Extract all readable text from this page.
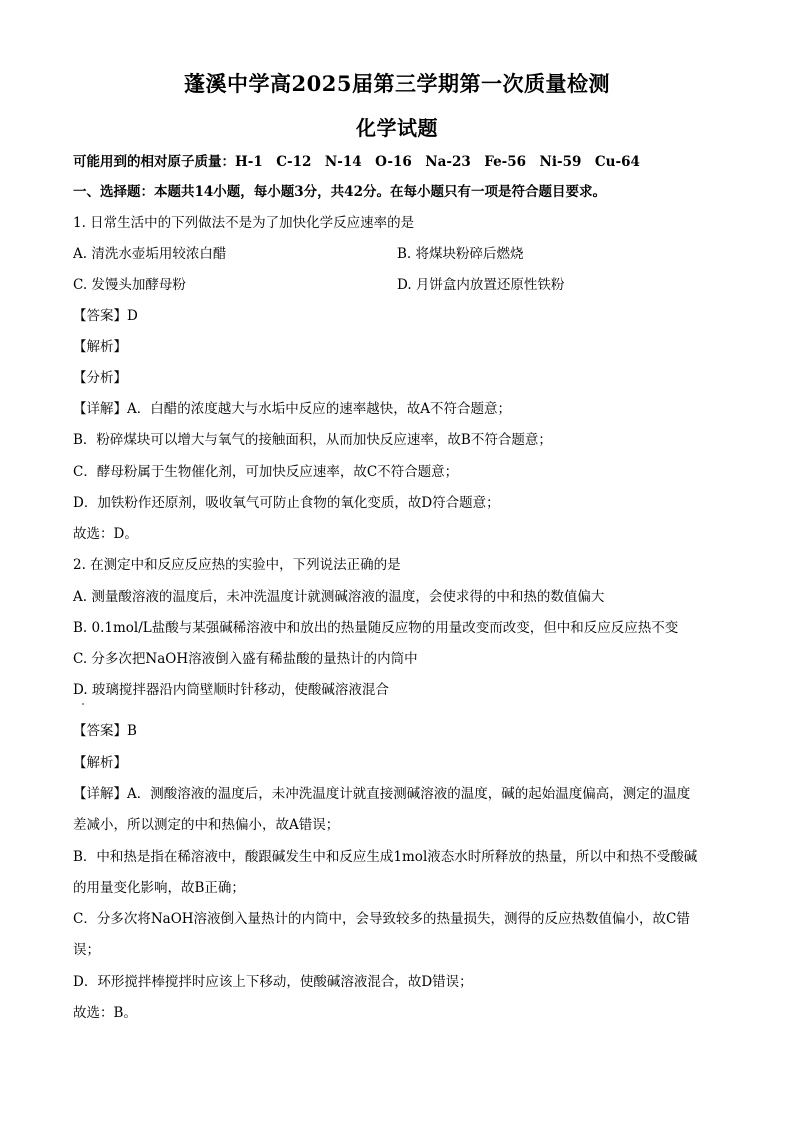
蓬溪中学高2025届第三学期第一次质量检测
化学试题
可能用到的相对原子质量：H-1　C-12　N-14　O-16　Na-23　Fe-56　Ni-59　Cu-64
一、选择题：本题共14小题，每小题3分，共42分。在每小题只有一项是符合题目要求。
1. 日常生活中的下列做法不是为了加快化学反应速率的是
A. 清洗水壶垢用较浓白醋	B. 将煤块粉碎后燃烧
C. 发馒头加酵母粉	D. 月饼盒内放置还原性铁粉
【答案】D
【解析】
【分析】
【详解】A．白醋的浓度越大与水垢中反应的速率越快，故A不符合题意；
B．粉碎煤块可以增大与氧气的接触面积，从而加快反应速率，故B不符合题意；
C．酵母粉属于生物催化剂，可加快反应速率，故C不符合题意；
D．加铁粉作还原剂，吸收氧气可防止食物的氧化变质，故D符合题意；
故选：D。
2. 在测定中和反应反应热的实验中，下列说法正确的是
A. 测量酸溶液的温度后，未冲洗温度计就测碱溶液的温度，会使求得的中和热的数值偏大
B. 0.1mol/L盐酸与某强碱稀溶液中和放出的热量随反应物的用量改变而改变，但中和反应反应热不变
C. 分多次把NaOH溶液倒入盛有稀盐酸的量热计的内筒中
D. 玻璃搅拌器沿内筒壁顺时针移动，使酸碱溶液混合
【答案】B
【解析】
【详解】A．测酸溶液的温度后，未冲洗温度计就直接测碱溶液的温度，碱的起始温度偏高，测定的温度
差减小，所以测定的中和热偏小，故A错误；
B．中和热是指在稀溶液中，酸跟碱发生中和反应生成1mol液态水时所释放的热量，所以中和热不受酸碱
的用量变化影响，故B正确；
C．分多次将NaOH溶液倒入量热计的内筒中，会导致较多的热量损失，测得的反应热数值偏小，故C错
误；
D．环形搅拌棒搅拌时应该上下移动，使酸碱溶液混合，故D错误；
故选：B。
